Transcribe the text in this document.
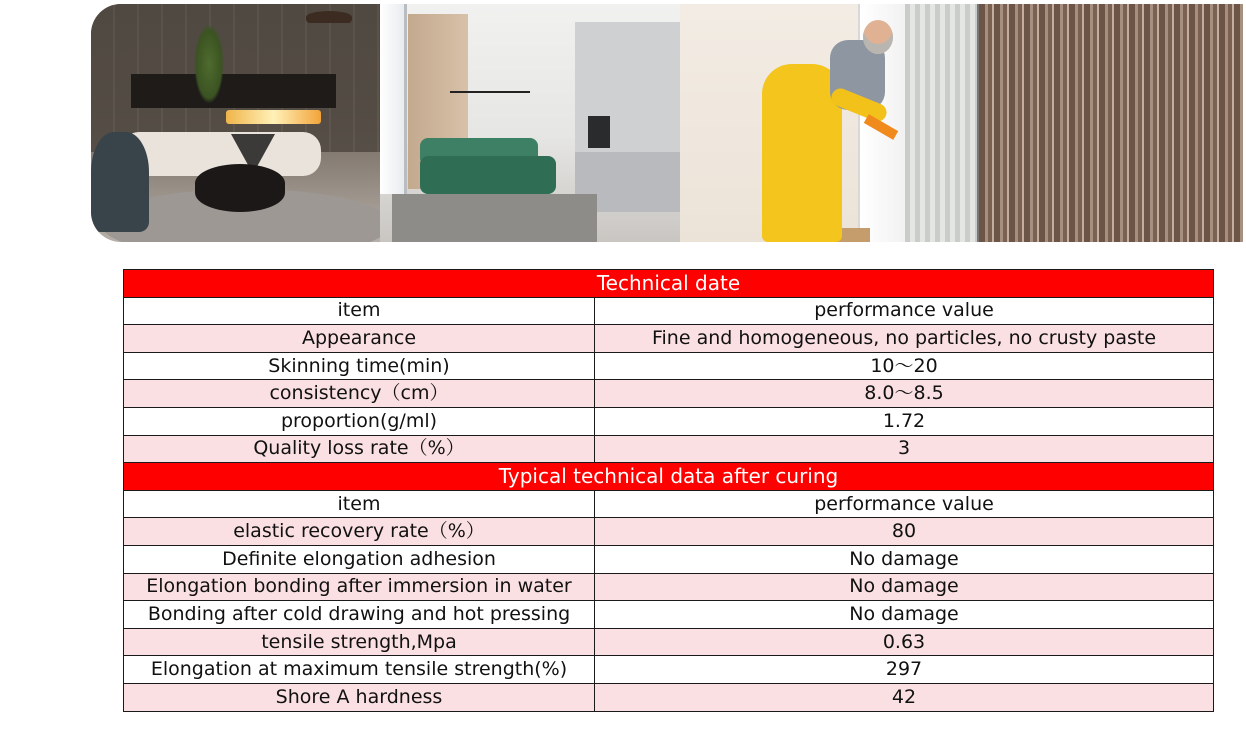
Technical date	
item	performance value
Appearance	Fine and homogeneous, no particles, no crusty paste
Skinning time(min)	10～20
consistency（cm）	8.0～8.5
proportion(g/ml)	1.72
Quality loss rate（%）	3
Typical technical data after curing	
item	performance value
elastic recovery rate（%）	80
Definite elongation adhesion	No damage
Elongation bonding after immersion in water	No damage
Bonding after cold drawing and hot pressing	No damage
tensile strength,Mpa	0.63
Elongation at maximum tensile strength(%)	297
Shore A hardness	42
